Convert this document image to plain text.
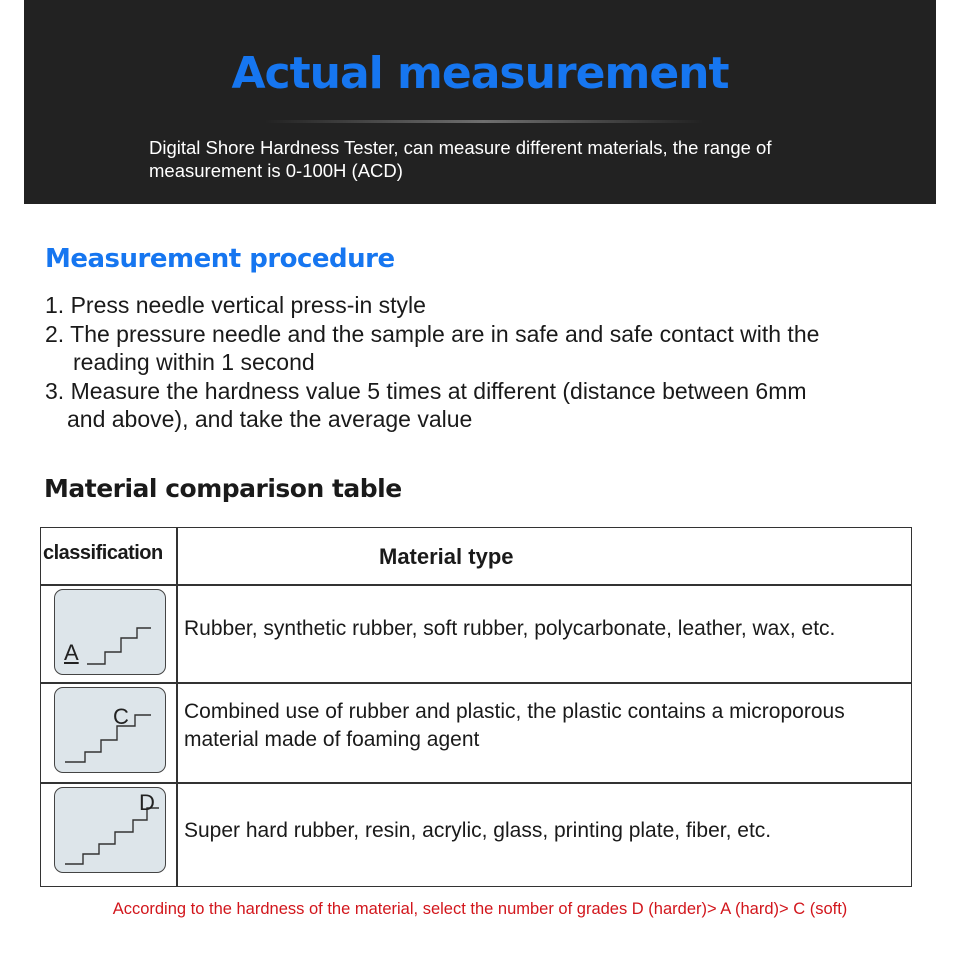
Actual measurement
Digital Shore Hardness Tester, can measure different materials, the range of measurement is 0-100H (ACD)
Measurement procedure
1. Press needle vertical press-in style
2. The pressure needle and the sample are in safe and safe contact with the
reading within 1 second
3. Measure the hardness value 5 times at different (distance between 6mm
and above), and take the average value
Material comparison table
classification	Material type
A
Rubber, synthetic rubber, soft rubber, polycarbonate, leather, wax, etc.
C	Combined use of rubber and plastic, the plastic contains a microporous material made of foaming agent
D
Super hard rubber, resin, acrylic, glass, printing plate, fiber, etc.
According to the hardness of the material, select the number of grades D (harder)> A (hard)> C (soft)
